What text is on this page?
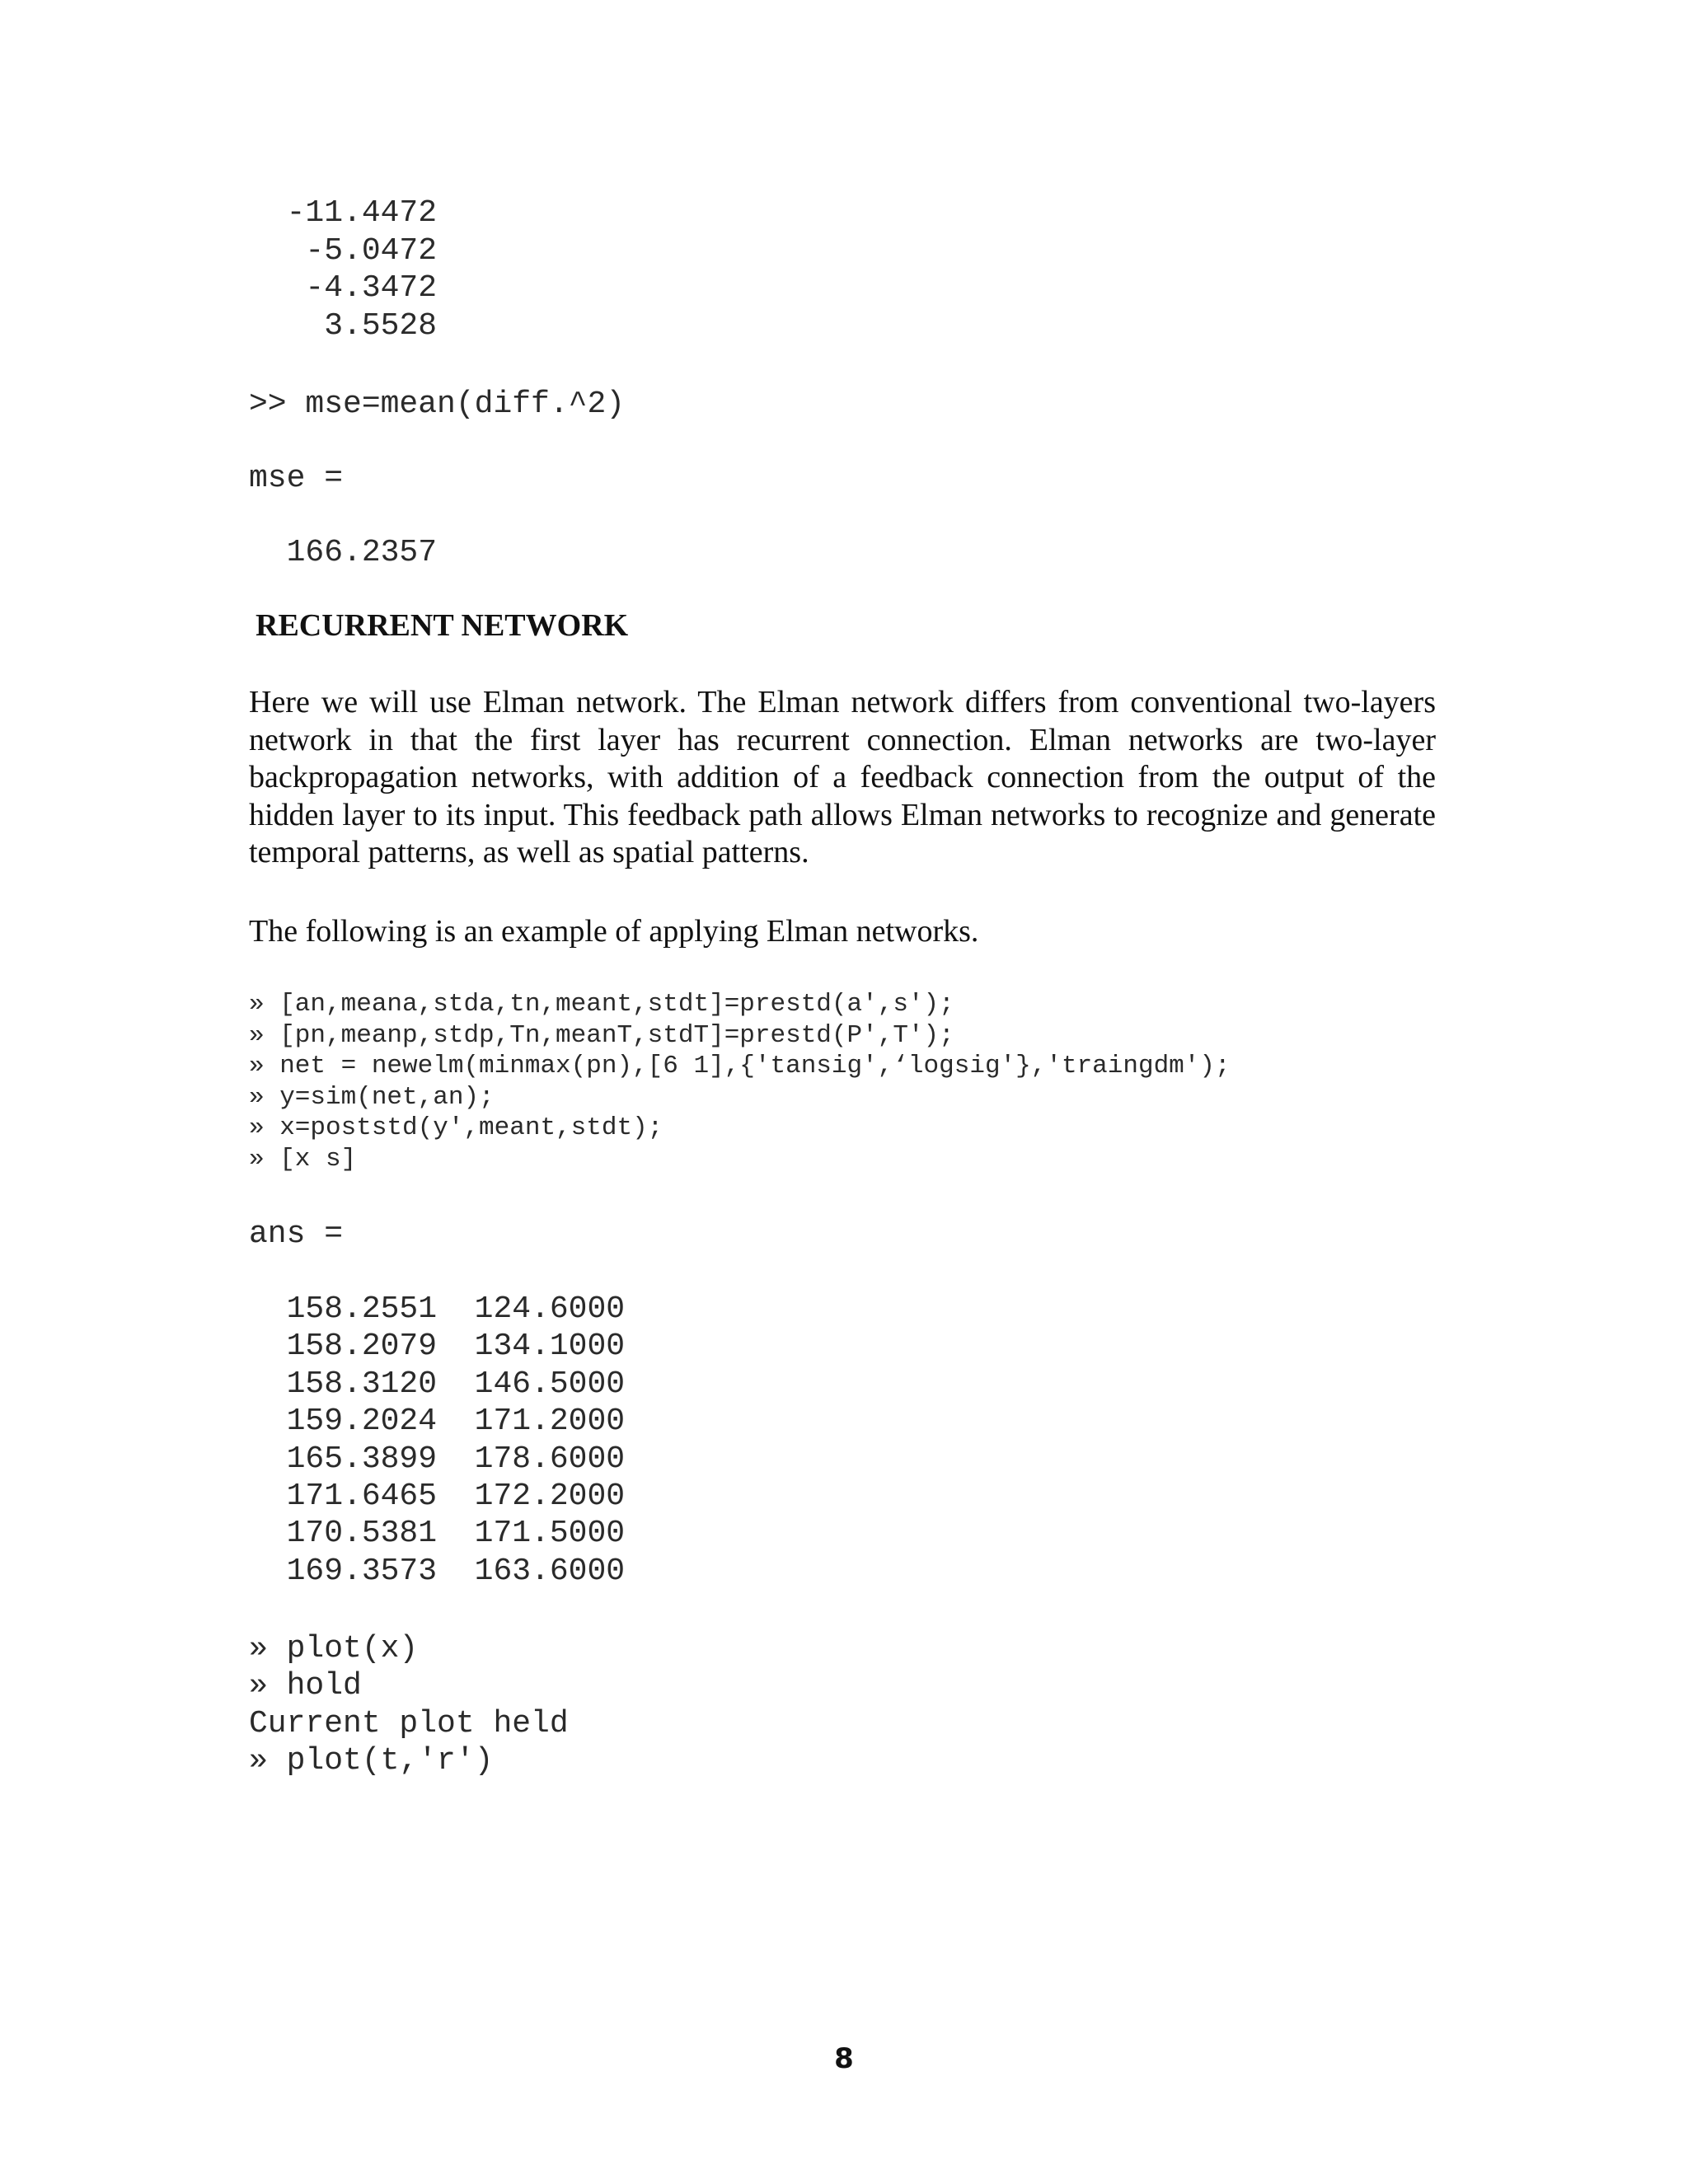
-11.4472
-5.0472
-4.3472
3.5528
>> mse=mean(diff.^2)
mse =
166.2357
RECURRENT NETWORK

Here we will use Elman network. The Elman network differs from conventional two-layers network in that the first layer has recurrent connection. Elman networks are two-layer backpropagation networks, with addition of a feedback connection from the output of the hidden layer to its input. This feedback path allows Elman networks to recognize and generate temporal patterns, as well as spatial patterns.

The following is an example of applying Elman networks.

» [an,meana,stda,tn,meant,stdt]=prestd(a',s');
» [pn,meanp,stdp,Tn,meanT,stdT]=prestd(P',T');
» net = newelm(minmax(pn),[6 1],{'tansig',‘logsig'},'traingdm');
» y=sim(net,an);
» x=poststd(y',meant,stdt);
» [x s]
ans =
158.2551  124.6000
158.2079  134.1000
158.3120  146.5000
159.2024  171.2000
165.3899  178.6000
171.6465  172.2000
170.5381  171.5000
169.3573  163.6000
» plot(x)
» hold
Current plot held
» plot(t,'r')
8
